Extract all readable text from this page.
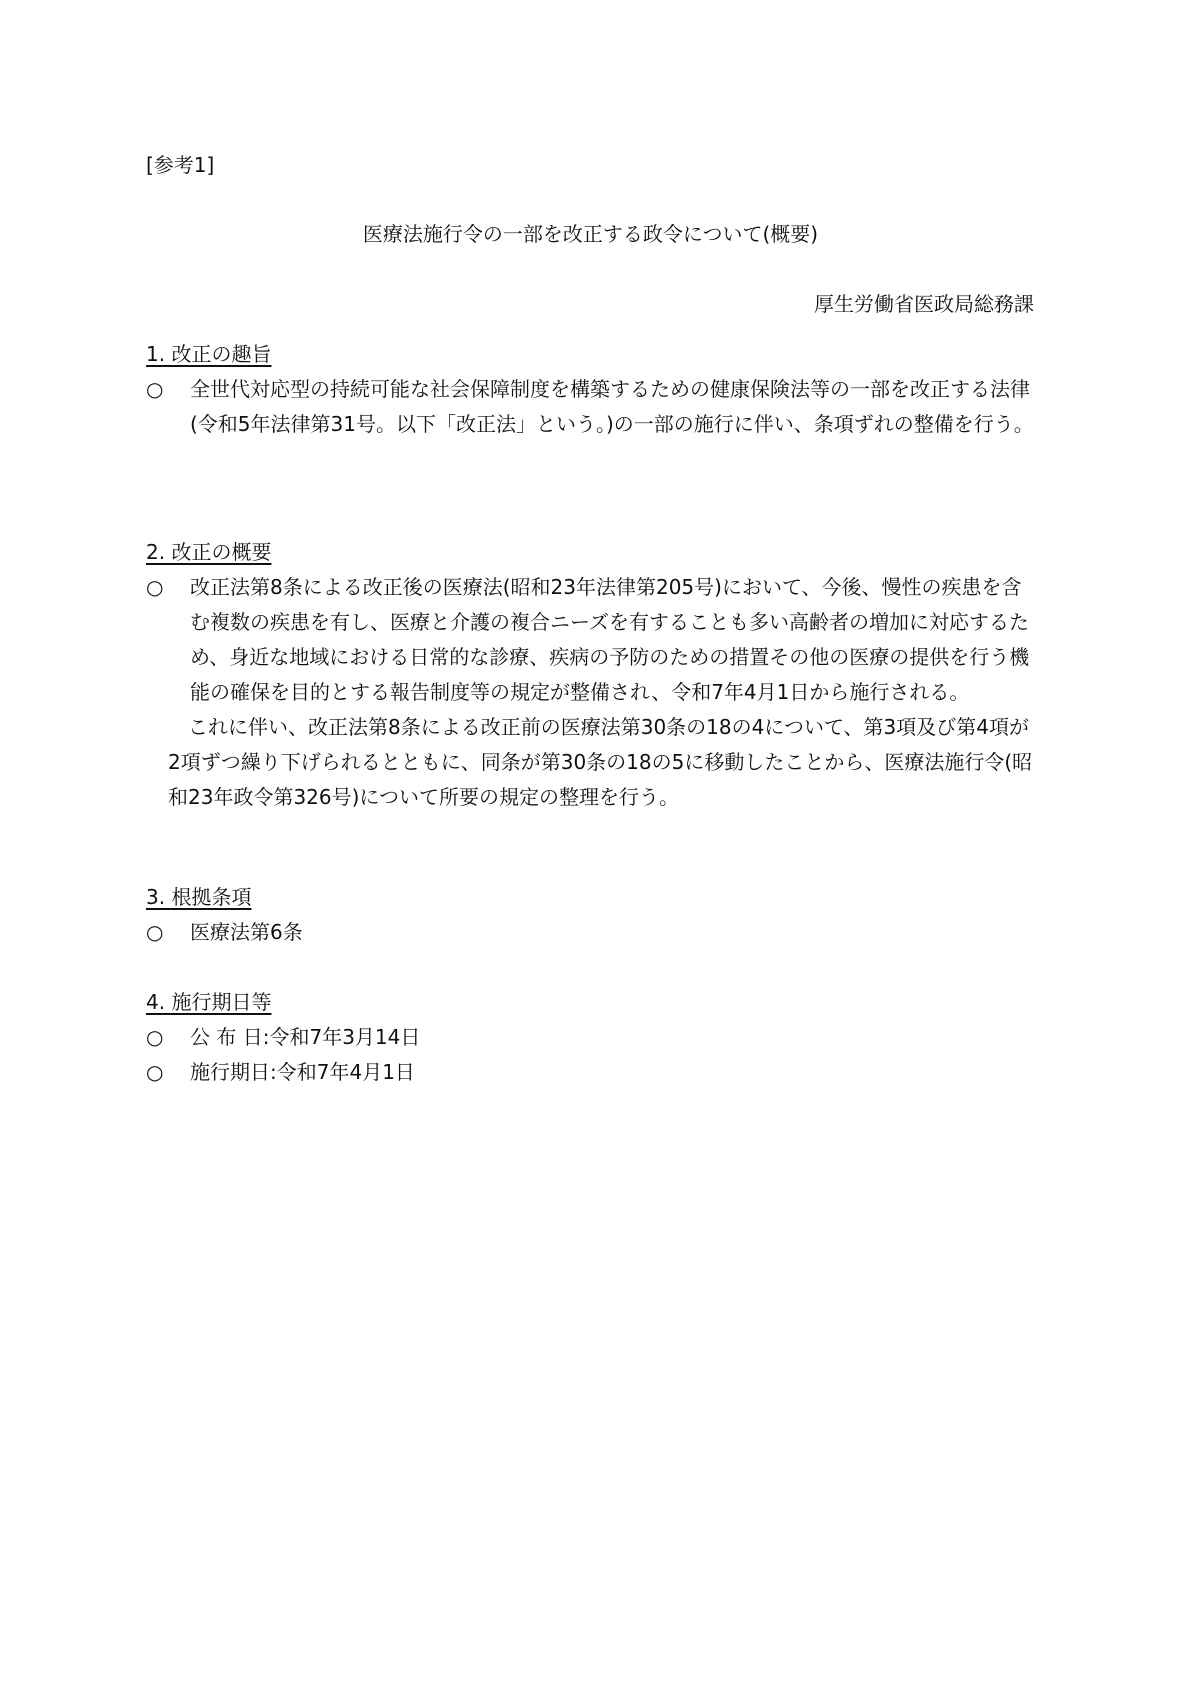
[参考1]
医療法施行令の一部を改正する政令について(概要)
厚生労働省医政局総務課
1. 改正の趣旨
○	全世代対応型の持続可能な社会保障制度を構築するための健康保険法等の一部を改正する法律(令和5年法律第31号。以下「改正法」という。)の一部の施行に伴い、条項ずれの整備を行う。
2. 改正の概要
○	改正法第8条による改正後の医療法(昭和23年法律第205号)において、今後、慢性の疾患を含む複数の疾患を有し、医療と介護の複合ニーズを有することも多い高齢者の増加に対応するため、身近な地域における日常的な診療、疾病の予防のための措置その他の医療の提供を行う機能の確保を目的とする報告制度等の規定が整備され、令和7年4月1日から施行される。
これに伴い、改正法第8条による改正前の医療法第30条の18の4について、第3項及び第4項が2項ずつ繰り下げられるとともに、同条が第30条の18の5に移動したことから、医療法施行令(昭和23年政令第326号)について所要の規定の整理を行う。
3. 根拠条項
○	医療法第6条
4. 施行期日等
○	公 布 日 : 令和7年3月14日
○	施行期日 : 令和7年4月1日
